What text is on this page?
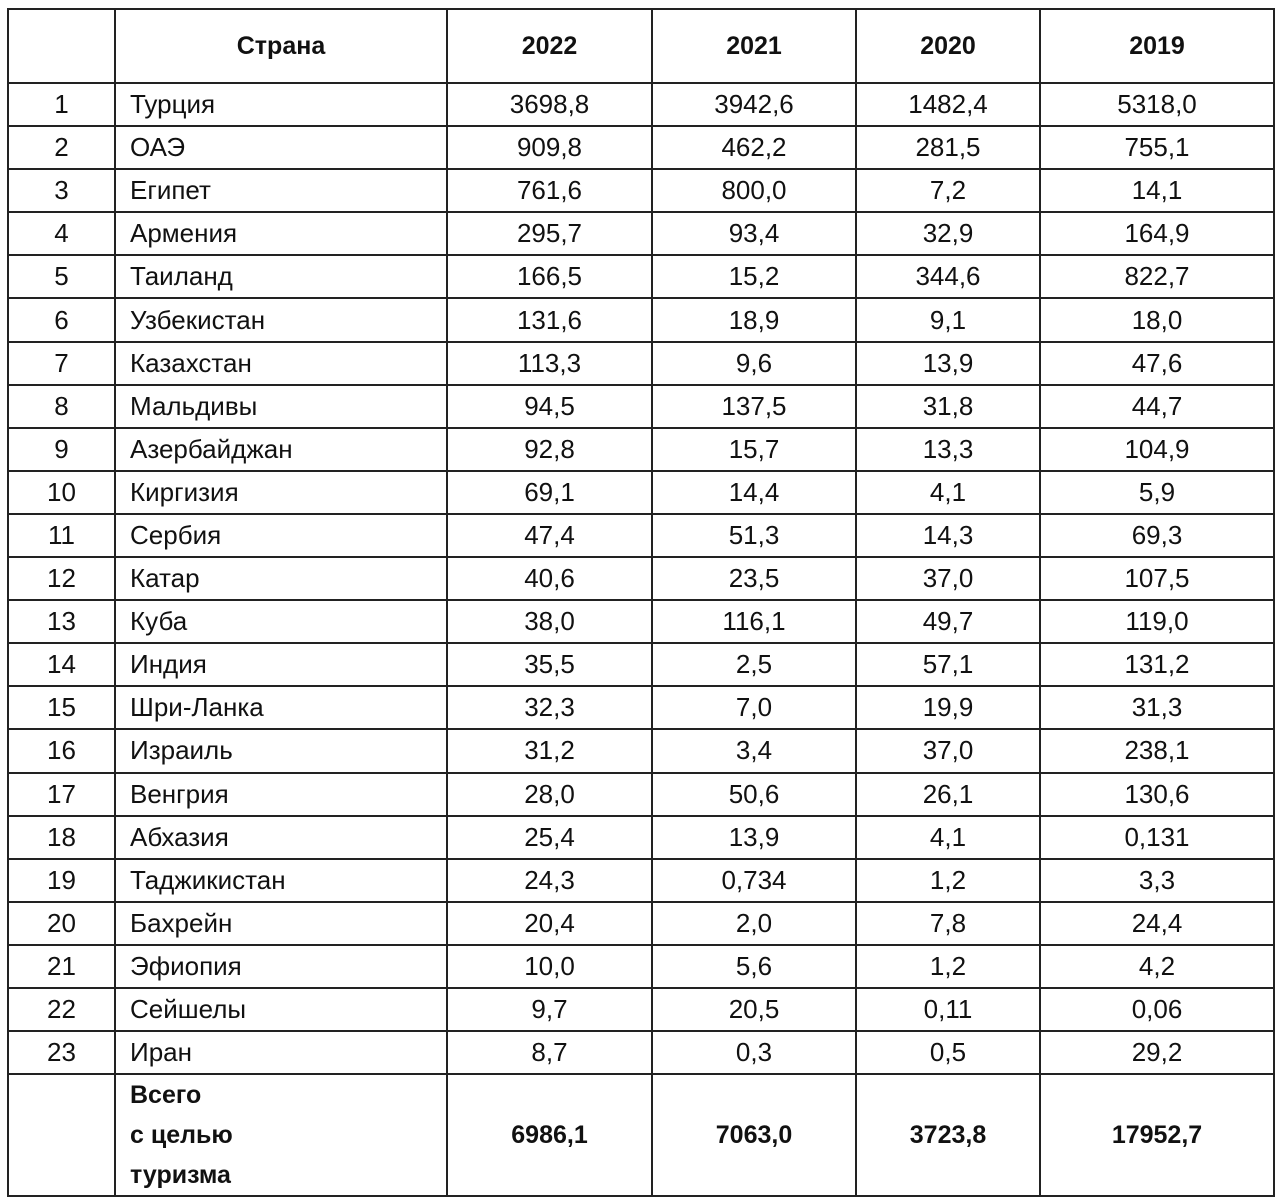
	Страна	2022	2021	2020	2019
1	Турция	3698,8	3942,6	1482,4	5318,0
2	ОАЭ	909,8	462,2	281,5	755,1
3	Египет	761,6	800,0	7,2	14,1
4	Армения	295,7	93,4	32,9	164,9
5	Таиланд	166,5	15,2	344,6	822,7
6	Узбекистан	131,6	18,9	9,1	18,0
7	Казахстан	113,3	9,6	13,9	47,6
8	Мальдивы	94,5	137,5	31,8	44,7
9	Азербайджан	92,8	15,7	13,3	104,9
10	Киргизия	69,1	14,4	4,1	5,9
11	Сербия	47,4	51,3	14,3	69,3
12	Катар	40,6	23,5	37,0	107,5
13	Куба	38,0	116,1	49,7	119,0
14	Индия	35,5	2,5	57,1	131,2
15	Шри-Ланка	32,3	7,0	19,9	31,3
16	Израиль	31,2	3,4	37,0	238,1
17	Венгрия	28,0	50,6	26,1	130,6
18	Абхазия	25,4	13,9	4,1	0,131
19	Таджикистан	24,3	0,734	1,2	3,3
20	Бахрейн	20,4	2,0	7,8	24,4
21	Эфиопия	10,0	5,6	1,2	4,2
22	Сейшелы	9,7	20,5	0,11	0,06
23	Иран	8,7	0,3	0,5	29,2

	Всего
с целью
туризма	6986,1	7063,0	3723,8	17952,7
